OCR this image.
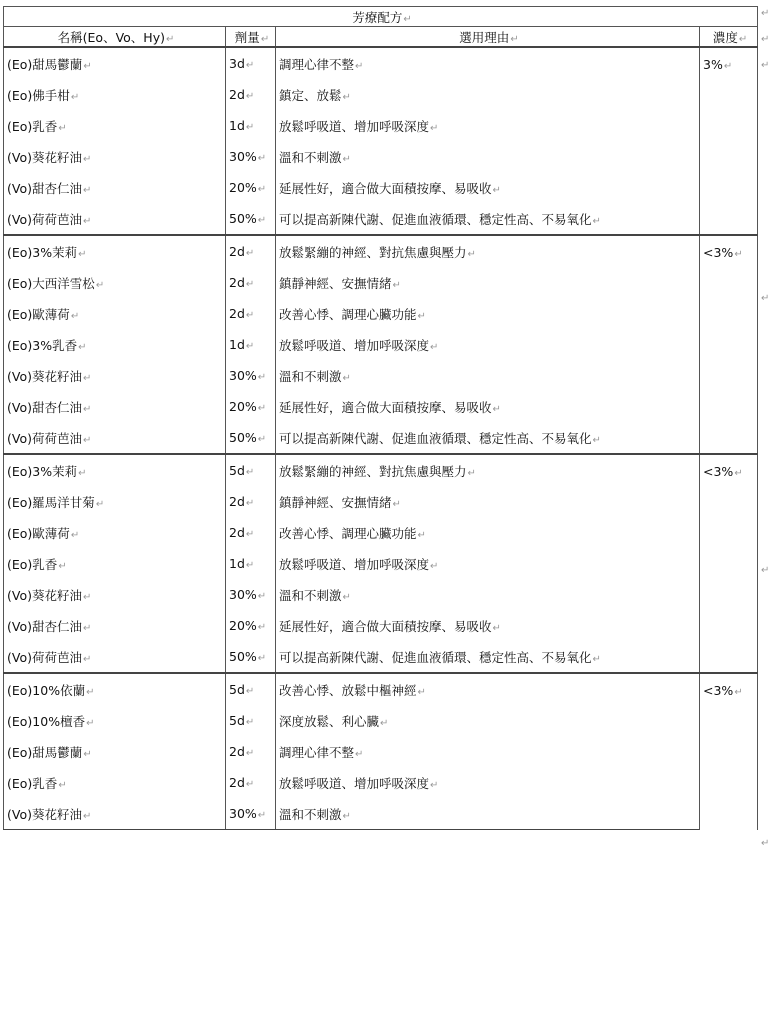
芳療配方↵			
名稱(Eo、Vo、Hy)↵	劑量↵	選用理由↵	濃度↵
(Eo)甜馬鬱蘭↵	3d↵	調理心律不整↵	3%↵
(Eo)佛手柑↵	2d↵	鎮定、放鬆↵	
(Eo)乳香↵	1d↵	放鬆呼吸道、增加呼吸深度↵	
(Vo)葵花籽油↵	30%↵	溫和不刺激↵	
(Vo)甜杏仁油↵	20%↵	延展性好，適合做大面積按摩、易吸收↵	
(Vo)荷荷芭油↵	50%↵	可以提高新陳代謝、促進血液循環、穩定性高、不易氧化↵	
(Eo)3%茉莉↵	2d↵	放鬆緊繃的神經、對抗焦慮與壓力↵	<3%↵
(Eo)大西洋雪松↵	2d↵	鎮靜神經、安撫情緒↵	
(Eo)歐薄荷↵	2d↵	改善心悸、調理心臟功能↵	
(Eo)3%乳香↵	1d↵	放鬆呼吸道、增加呼吸深度↵	
(Vo)葵花籽油↵	30%↵	溫和不刺激↵	
(Vo)甜杏仁油↵	20%↵	延展性好，適合做大面積按摩、易吸收↵	
(Vo)荷荷芭油↵	50%↵	可以提高新陳代謝、促進血液循環、穩定性高、不易氧化↵	
(Eo)3%茉莉↵	5d↵	放鬆緊繃的神經、對抗焦慮與壓力↵	<3%↵
(Eo)羅馬洋甘菊↵	2d↵	鎮靜神經、安撫情緒↵	
(Eo)歐薄荷↵	2d↵	改善心悸、調理心臟功能↵	
(Eo)乳香↵	1d↵	放鬆呼吸道、增加呼吸深度↵	
(Vo)葵花籽油↵	30%↵	溫和不刺激↵	
(Vo)甜杏仁油↵	20%↵	延展性好，適合做大面積按摩、易吸收↵	
(Vo)荷荷芭油↵	50%↵	可以提高新陳代謝、促進血液循環、穩定性高、不易氧化↵	
(Eo)10%依蘭↵	5d↵	改善心悸、放鬆中樞神經↵	<3%↵
(Eo)10%檀香↵	5d↵	深度放鬆、利心臟↵	
(Eo)甜馬鬱蘭↵	2d↵	調理心律不整↵	
(Eo)乳香↵	2d↵	放鬆呼吸道、增加呼吸深度↵	
(Vo)葵花籽油↵	30%↵	溫和不刺激↵	
↵
↵
↵
↵
↵
↵
